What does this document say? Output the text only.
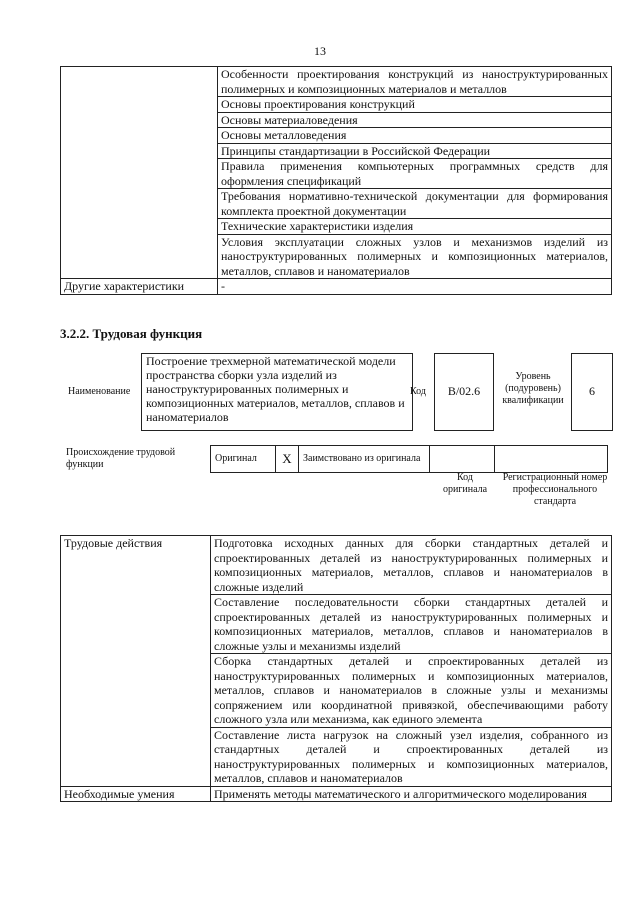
13
	Особенности проектирования конструкций из наноструктурированных полимерных и композиционных материалов и металлов
	Основы проектирования конструкций
	Основы материаловедения
	Основы металловедения
	Принципы стандартизации в Российской Федерации
	Правила применения компьютерных программных средств для оформления спецификаций
	Требования нормативно-технической документации для формирования комплекта проектной документации
	Технические характеристики изделия
	Условия эксплуатации сложных узлов и механизмов изделий из наноструктурированных полимерных и композиционных материалов, металлов, сплавов и наноматериалов
Другие характеристики	-
3.2.2. Трудовая функция
Наименование
Построение трехмерной математической модели пространства сборки узла изделий из наноструктурированных полимерных и композиционных материалов, металлов, сплавов и наноматериалов
Код	B/02.6
Уровень (подуровень) квалификации
6
Происхождение трудовой функции
Оригинал	X	Заимствовано из оригинала		
Код оригинала
Регистрационный номер профессионального стандарта
Трудовые действия	Подготовка исходных данных для сборки стандартных деталей и спроектированных деталей из наноструктурированных полимерных и композиционных материалов, металлов, сплавов и наноматериалов в сложные изделий
	Составление последовательности сборки стандартных деталей и спроектированных деталей из наноструктурированных полимерных и композиционных материалов, металлов, сплавов и наноматериалов в сложные узлы и механизмы изделий
	Сборка стандартных деталей и спроектированных деталей из наноструктурированных полимерных и композиционных материалов, металлов, сплавов и наноматериалов в сложные узлы и механизмы сопряжением или координатной привязкой, обеспечивающими работу сложного узла или механизма, как единого элемента
	Составление листа нагрузок на сложный узел изделия, собранного из стандартных деталей и спроектированных деталей из наноструктурированных полимерных и композиционных материалов, металлов, сплавов и наноматериалов
Необходимые умения	Применять методы математического и алгоритмического моделирования
